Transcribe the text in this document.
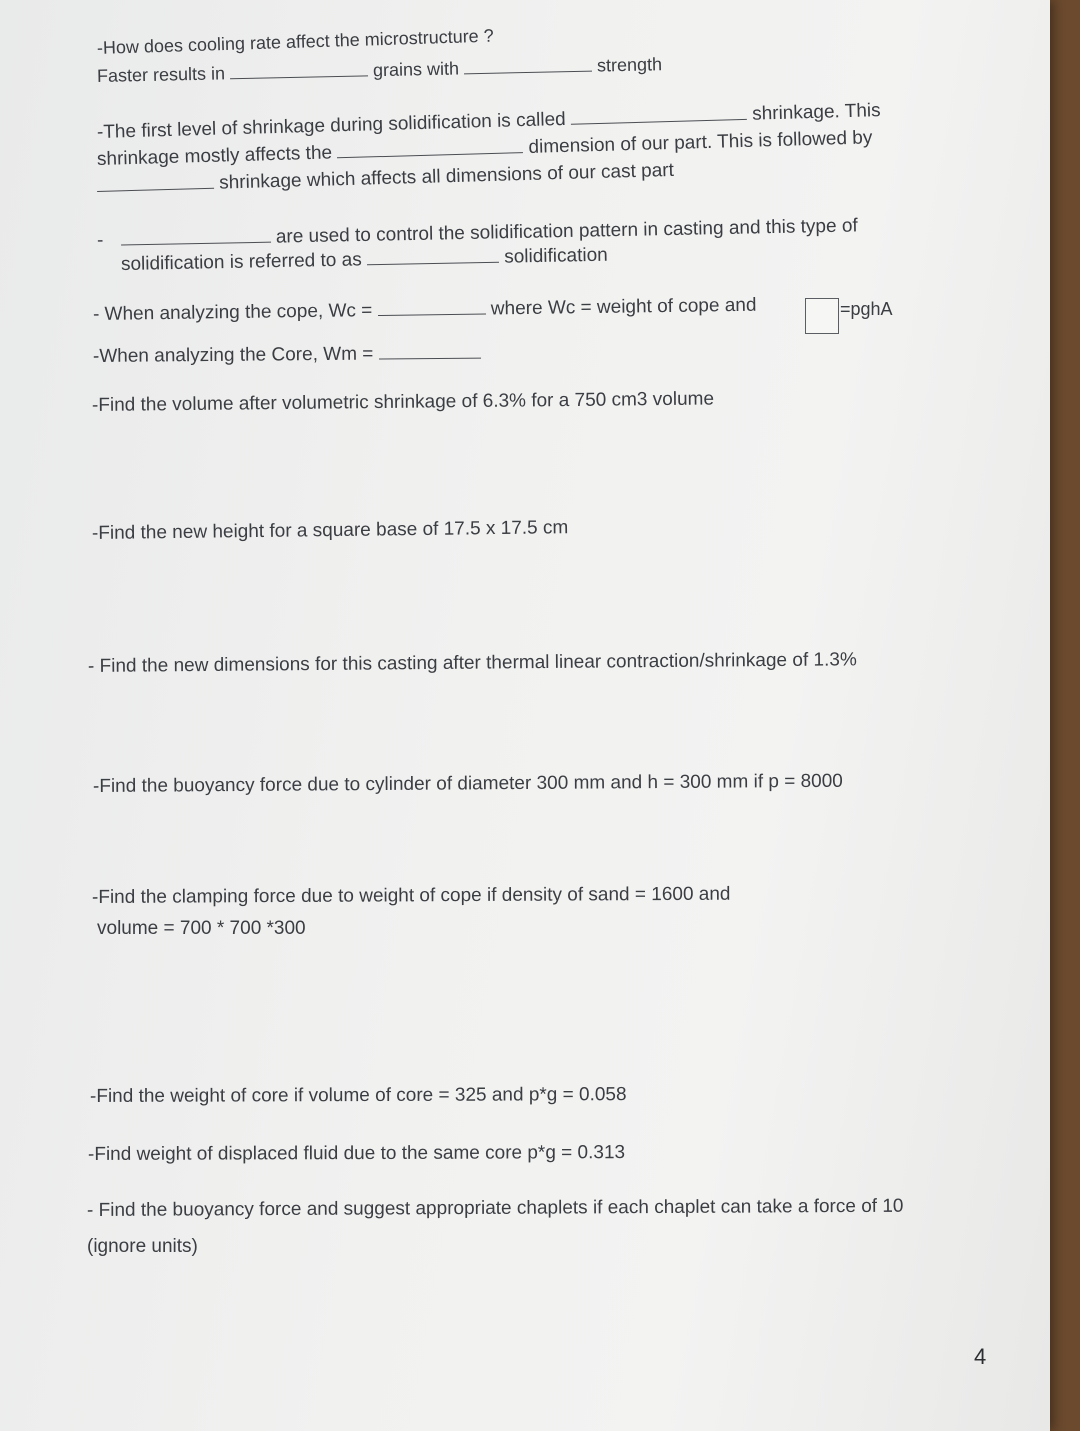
-How does cooling rate affect the microstructure ?
Faster results in	grains with	strength
-The first level of shrinkage during solidification is called	shrinkage. This
shrinkage mostly affects the	dimension of our part. This is followed by
shrinkage which affects all dimensions of our cast part
-	are used to control the solidification pattern in casting and this type of
solidification is referred to as	solidification
- When analyzing the cope, Wc =	where Wc = weight of cope and	=pghA
-When analyzing the Core, Wm =
-Find the volume after volumetric shrinkage of 6.3% for a 750 cm3 volume
-Find the new height for a square base of 17.5 x 17.5 cm
- Find the new dimensions for this casting after thermal linear contraction/shrinkage of 1.3%
-Find the buoyancy force due to cylinder of diameter 300 mm and h = 300 mm if p = 8000
-Find the clamping force due to weight of cope if density of sand = 1600 and
volume = 700 * 700 *300
-Find the weight of core if volume of core = 325 and p*g = 0.058
-Find weight of displaced fluid due to the same core p*g = 0.313
- Find the buoyancy force and suggest appropriate chaplets if each chaplet can take a force of 10
(ignore units)
4
